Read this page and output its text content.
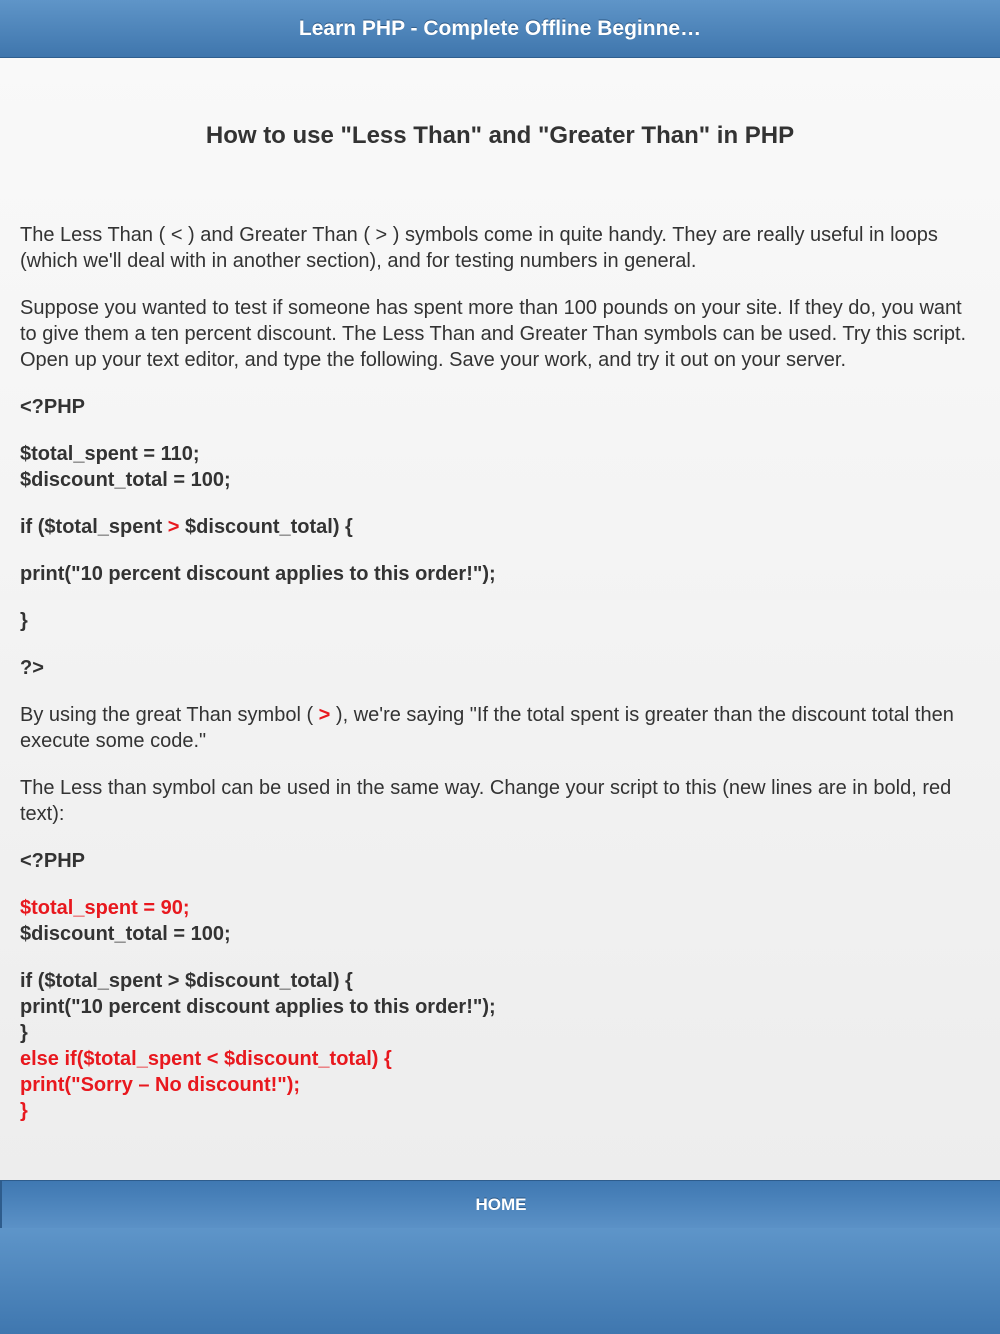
Learn PHP - Complete Offline Beginne…
How to use "Less Than" and "Greater Than" in PHP

The Less Than ( < ) and Greater Than ( > ) symbols come in quite handy. They are really useful in loops (which we'll deal with in another section), and for testing numbers in general.

Suppose you wanted to test if someone has spent more than 100 pounds on your site. If they do, you want to give them a ten percent discount. The Less Than and Greater Than symbols can be used. Try this script. Open up your text editor, and type the following. Save your work, and try it out on your server.

<?PHP
$total_spent = 110;
$discount_total = 100;
if ($total_spent > $discount_total) {
print("10 percent discount applies to this order!");
}
?>

By using the great Than symbol ( > ), we're saying "If the total spent is greater than the discount total then execute some code."

The Less than symbol can be used in the same way. Change your script to this (new lines are in bold, red text):

<?PHP
$total_spent = 90;
$discount_total = 100;
if ($total_spent > $discount_total) {
print("10 percent discount applies to this order!");
}
else if($total_spent < $discount_total) {
print("Sorry – No discount!");
}
HOME
